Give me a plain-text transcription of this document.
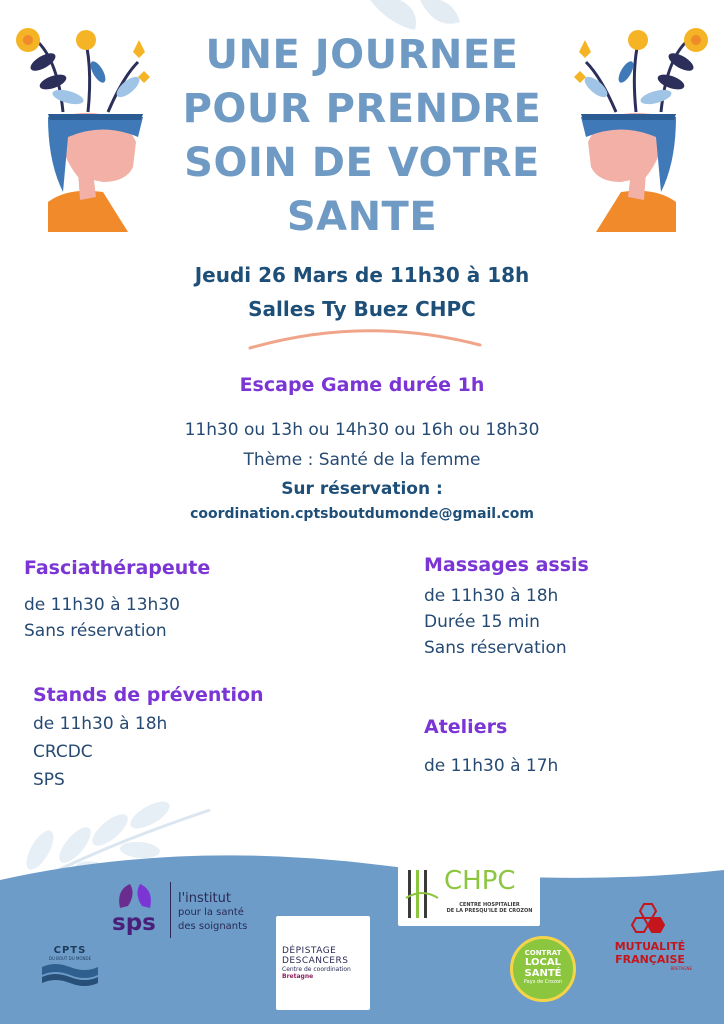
UNE JOURNEE
POUR PRENDRE
SOIN DE VOTRE
SANTE
Jeudi 26 Mars de 11h30 à 18h
Salles Ty Buez CHPC
Escape Game durée 1h
11h30 ou 13h ou 14h30 ou 16h ou 18h30
Thème : Santé de la femme
Sur réservation :
coordination.cptsboutdumonde@gmail.com
Fasciathérapeute
de 11h30 à 13h30
Sans réservation
Massages assis
de 11h30 à 18h
Durée 15 min
Sans réservation
Stands de prévention
de 11h30 à 18h
CRCDC
SPS
Ateliers
de 11h30 à 17h
CPTS
DU BOUT DU MONDE
sps
l'institut
pour la santé
des soignants
DÉPISTAGE
DESCANCERS
Centre de coordination
Bretagne
CHPC
CENTRE HOSPITALIER
DE LA PRESQU'ILE DE CROZON
CONTRAT
LOCAL
SANTÉ
Pays de Crozon
MUTUALITÉ
FRANÇAISE
BRETAGNE
